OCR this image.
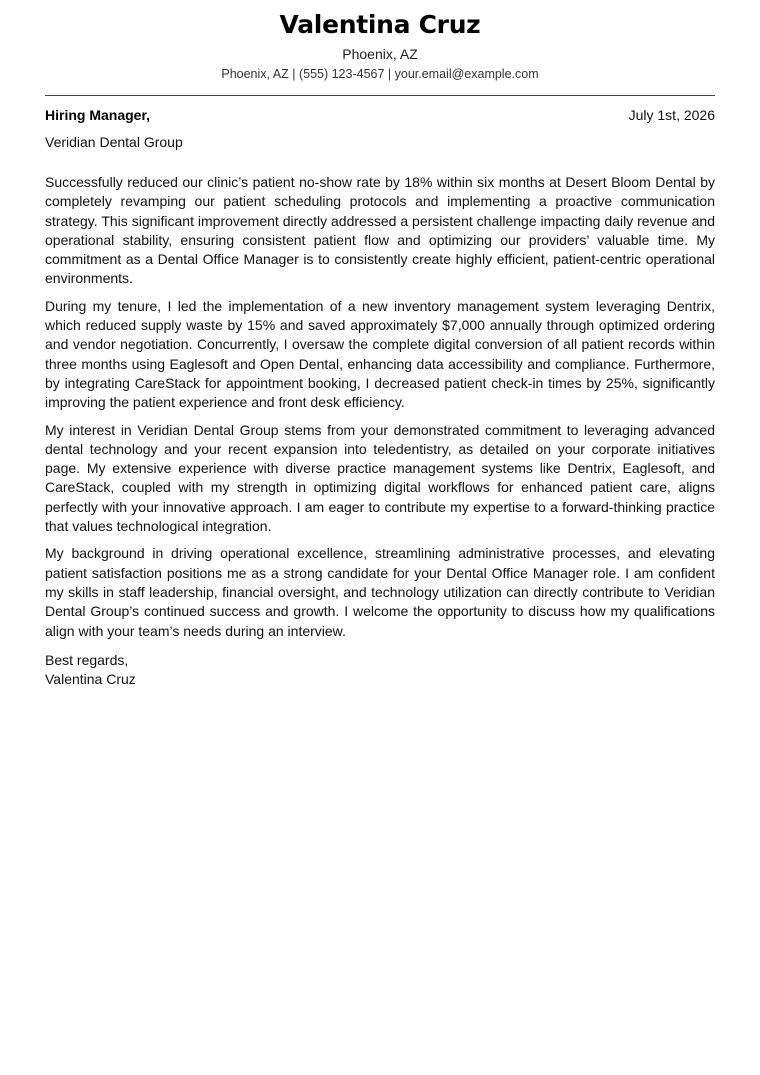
Valentina Cruz
Phoenix, AZ
Phoenix, AZ | (555) 123-4567 | your.email@example.com
Hiring Manager,	July 1st, 2026
Veridian Dental Group

Successfully reduced our clinic’s patient no-show rate by 18% within six months at Desert Bloom Dental by completely revamping our patient scheduling protocols and implementing a proactive communication strategy. This significant improvement directly addressed a persistent challenge impacting daily revenue and operational stability, ensuring consistent patient flow and optimizing our providers’ valuable time. My commitment as a Dental Office Manager is to consistently create highly efficient, patient-centric operational environments.

During my tenure, I led the implementation of a new inventory management system leveraging Dentrix, which reduced supply waste by 15% and saved approximately $7,000 annually through optimized ordering and vendor negotiation. Concurrently, I oversaw the complete digital conversion of all patient records within three months using Eaglesoft and Open Dental, enhancing data accessibility and compliance. Furthermore, by integrating CareStack for appointment booking, I decreased patient check-in times by 25%, significantly improving the patient experience and front desk efficiency.

My interest in Veridian Dental Group stems from your demonstrated commitment to leveraging advanced dental technology and your recent expansion into teledentistry, as detailed on your corporate initiatives page. My extensive experience with diverse practice management systems like Dentrix, Eaglesoft, and CareStack, coupled with my strength in optimizing digital workflows for enhanced patient care, aligns perfectly with your innovative approach. I am eager to contribute my expertise to a forward-thinking practice that values technological integration.

My background in driving operational excellence, streamlining administrative processes, and elevating patient satisfaction positions me as a strong candidate for your Dental Office Manager role. I am confident my skills in staff leadership, financial oversight, and technology utilization can directly contribute to Veridian Dental Group’s continued success and growth. I welcome the opportunity to discuss how my qualifications align with your team’s needs during an interview.

Best regards,
Valentina Cruz
